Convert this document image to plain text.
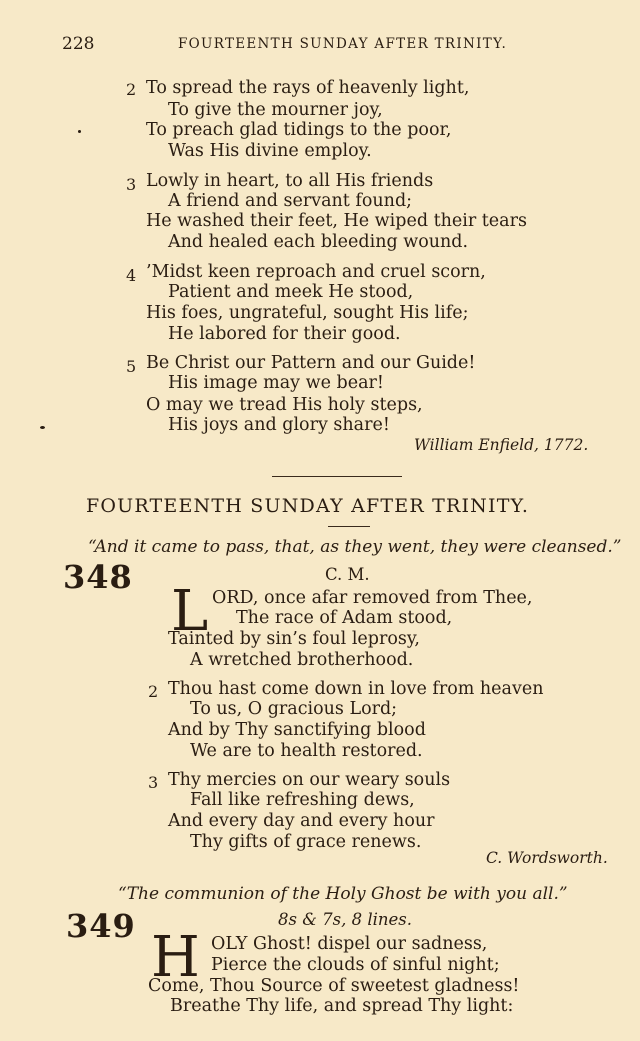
228	FOURTEENTH SUNDAY AFTER TRINITY.
2 To spread the rays of heavenly light,
To give the mourner joy,
To preach glad tidings to the poor,
Was His divine employ.
3 Lowly in heart, to all His friends
A friend and servant found;
He washed their feet, He wiped their tears
And healed each bleeding wound.
4 ’Midst keen reproach and cruel scorn,
Patient and meek He stood,
His foes, ungrateful, sought His life;
He labored for their good.
5 Be Christ our Pattern and our Guide!
His image may we bear!
O may we tread His holy steps,
His joys and glory share!
William Enfield, 1772.
FOURTEENTH SUNDAY AFTER TRINITY.
“And it came to pass, that, as they went, they were cleansed.”
348	C. M.
L ORD, once afar removed from Thee,
The race of Adam stood,
Tainted by sin’s foul leprosy,
A wretched brotherhood.
2 Thou hast come down in love from heaven
To us, O gracious Lord;
And by Thy sanctifying blood
We are to health restored.
3 Thy mercies on our weary souls
Fall like refreshing dews,
And every day and every hour
Thy gifts of grace renews.
C. Wordsworth.
“The communion of the Holy Ghost be with you all.”
349	8s & 7s, 8 lines.
H OLY Ghost! dispel our sadness,
Pierce the clouds of sinful night;
Come, Thou Source of sweetest gladness!
Breathe Thy life, and spread Thy light:
